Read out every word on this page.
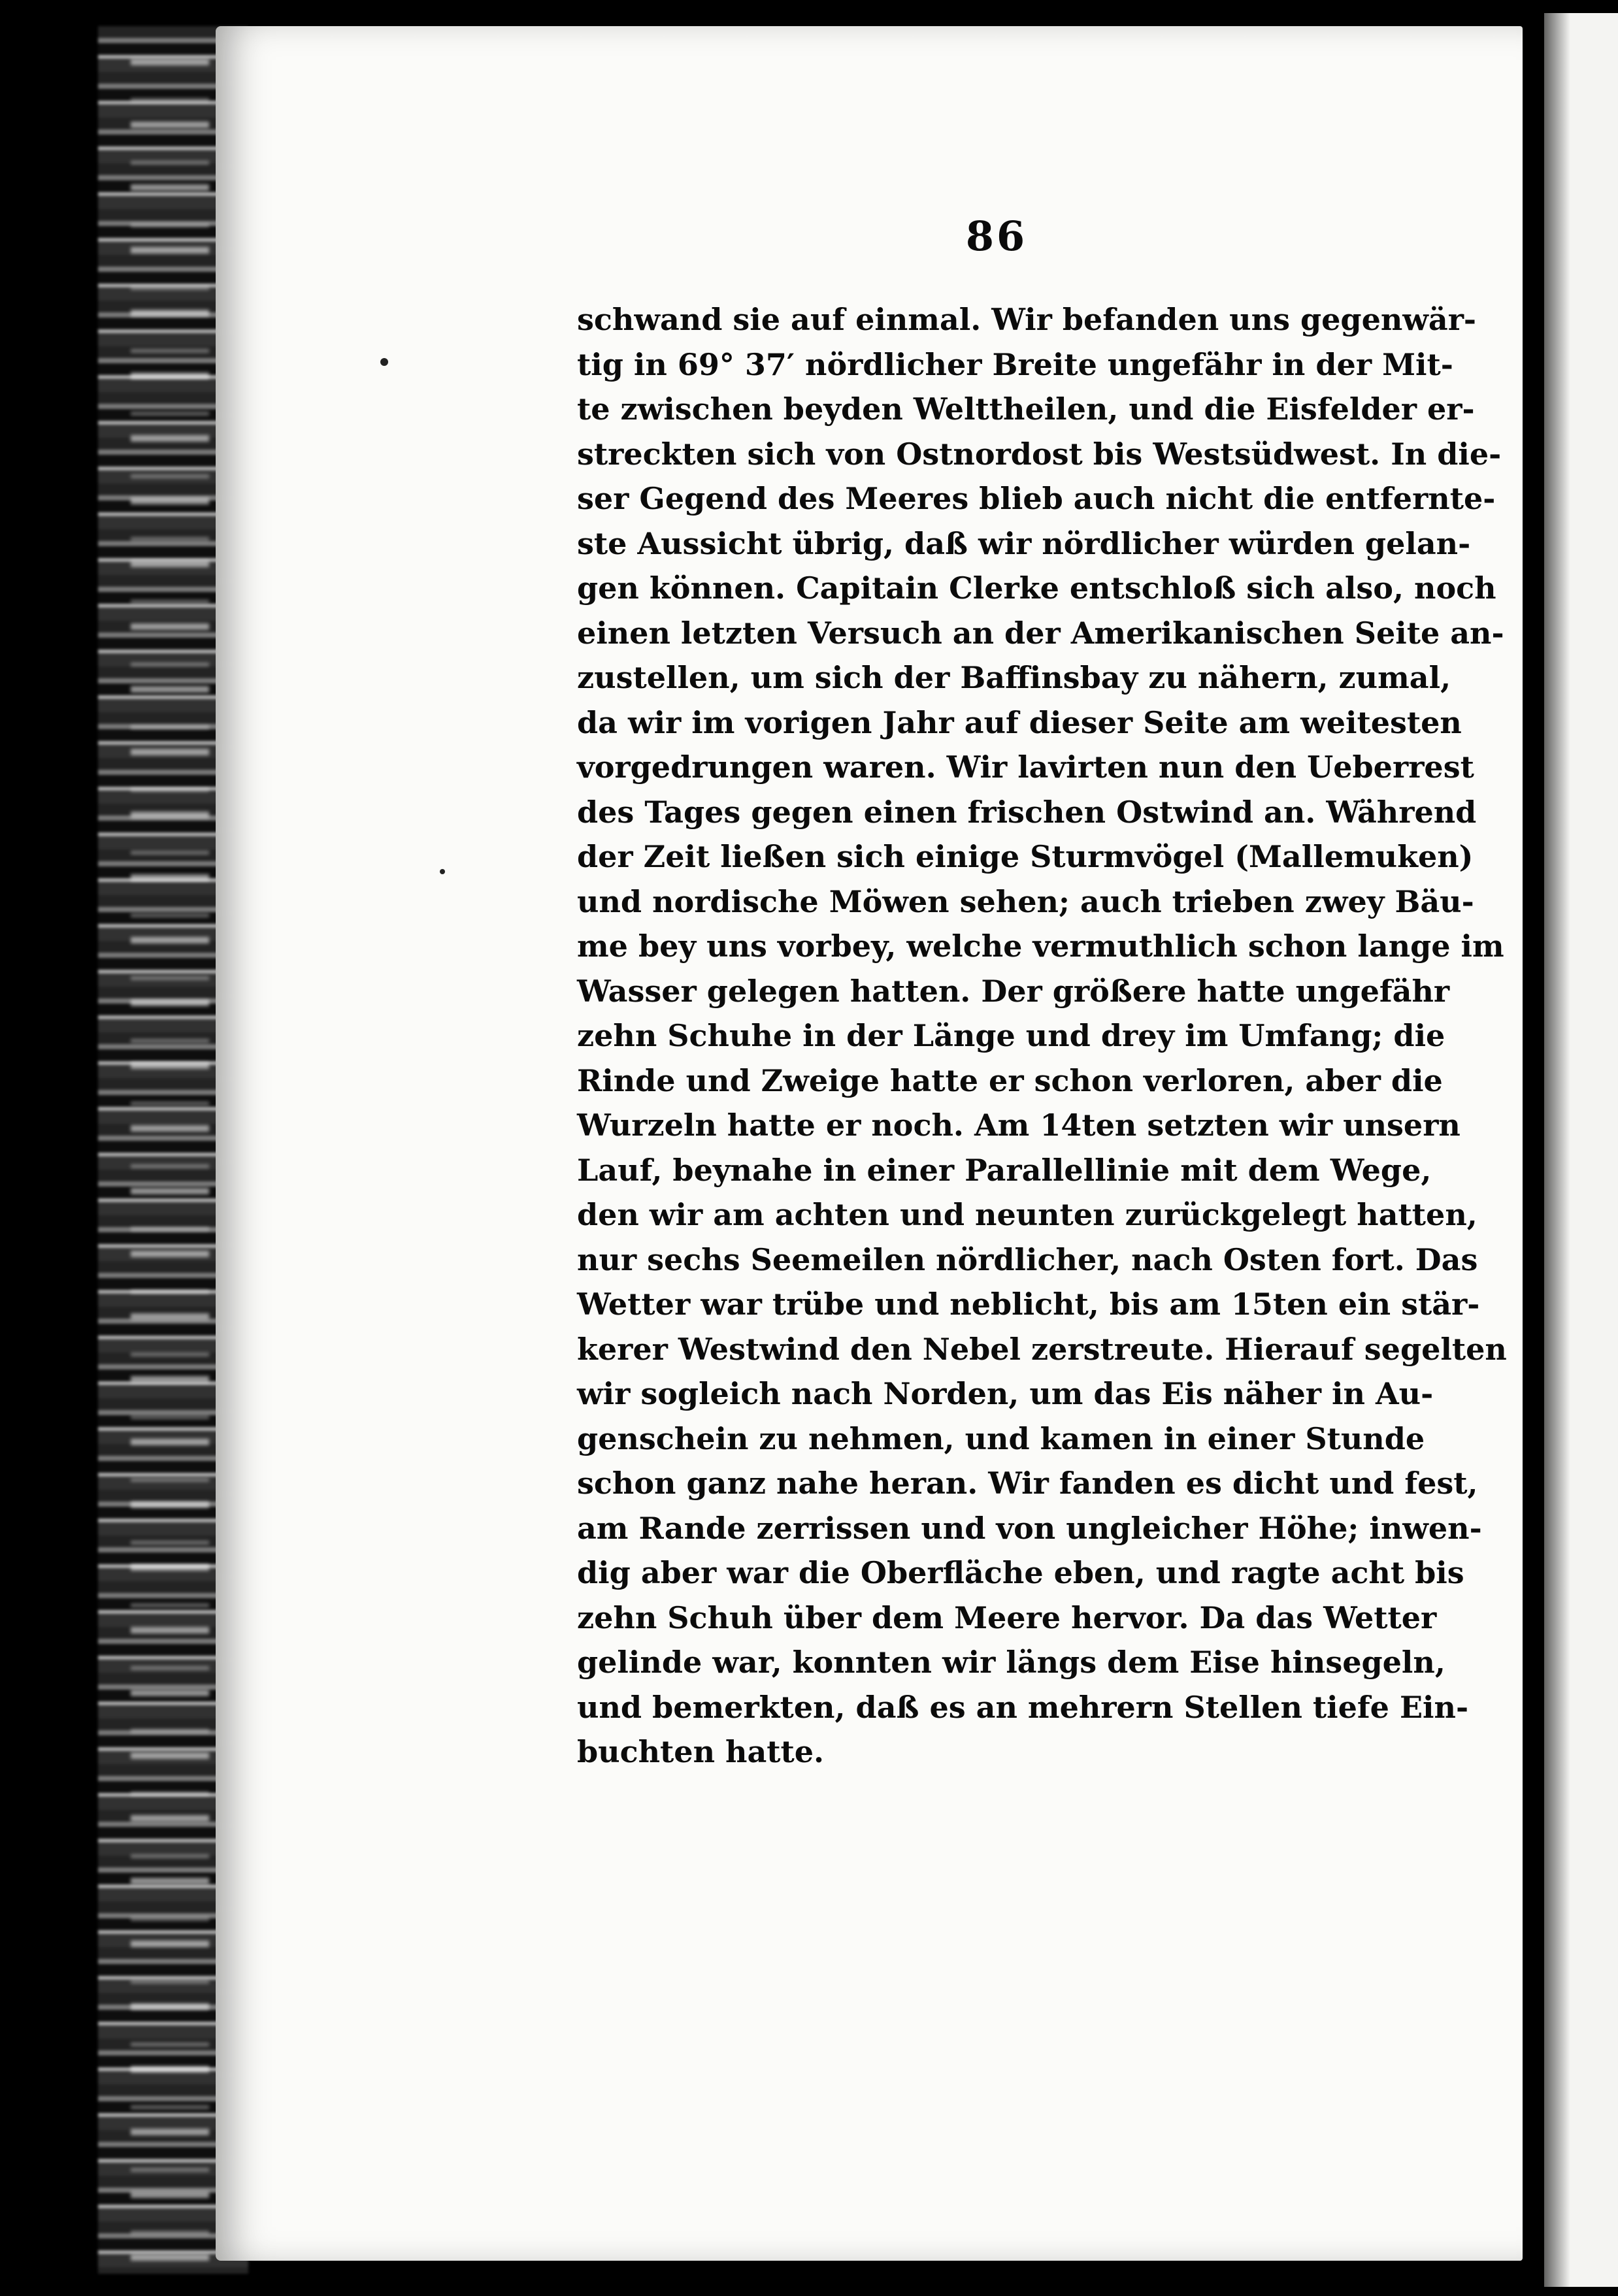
86
schwand sie auf einmal. Wir befanden uns gegenwär-
tig in 69° 37′ nördlicher Breite ungefähr in der Mit-
te zwischen beyden Welttheilen, und die Eisfelder er-
streckten sich von Ostnordost bis Westsüdwest. In die-
ser Gegend des Meeres blieb auch nicht die entfernte-
ste Aussicht übrig, daß wir nördlicher würden gelan-
gen können. Capitain Clerke entschloß sich also, noch
einen letzten Versuch an der Amerikanischen Seite an-
zustellen, um sich der Baffinsbay zu nähern, zumal,
da wir im vorigen Jahr auf dieser Seite am weitesten
vorgedrungen waren. Wir lavirten nun den Ueberrest
des Tages gegen einen frischen Ostwind an. Während
der Zeit ließen sich einige Sturmvögel (Mallemuken)
und nordische Möwen sehen; auch trieben zwey Bäu-
me bey uns vorbey, welche vermuthlich schon lange im
Wasser gelegen hatten. Der größere hatte ungefähr
zehn Schuhe in der Länge und drey im Umfang; die
Rinde und Zweige hatte er schon verloren, aber die
Wurzeln hatte er noch. Am 14ten setzten wir unsern
Lauf, beynahe in einer Parallellinie mit dem Wege,
den wir am achten und neunten zurückgelegt hatten,
nur sechs Seemeilen nördlicher, nach Osten fort. Das
Wetter war trübe und neblicht, bis am 15ten ein stär-
kerer Westwind den Nebel zerstreute. Hierauf segelten
wir sogleich nach Norden, um das Eis näher in Au-
genschein zu nehmen, und kamen in einer Stunde
schon ganz nahe heran. Wir fanden es dicht und fest,
am Rande zerrissen und von ungleicher Höhe; inwen-
dig aber war die Oberfläche eben, und ragte acht bis
zehn Schuh über dem Meere hervor. Da das Wetter
gelinde war, konnten wir längs dem Eise hinsegeln,
und bemerkten, daß es an mehrern Stellen tiefe Ein-
buchten hatte.
